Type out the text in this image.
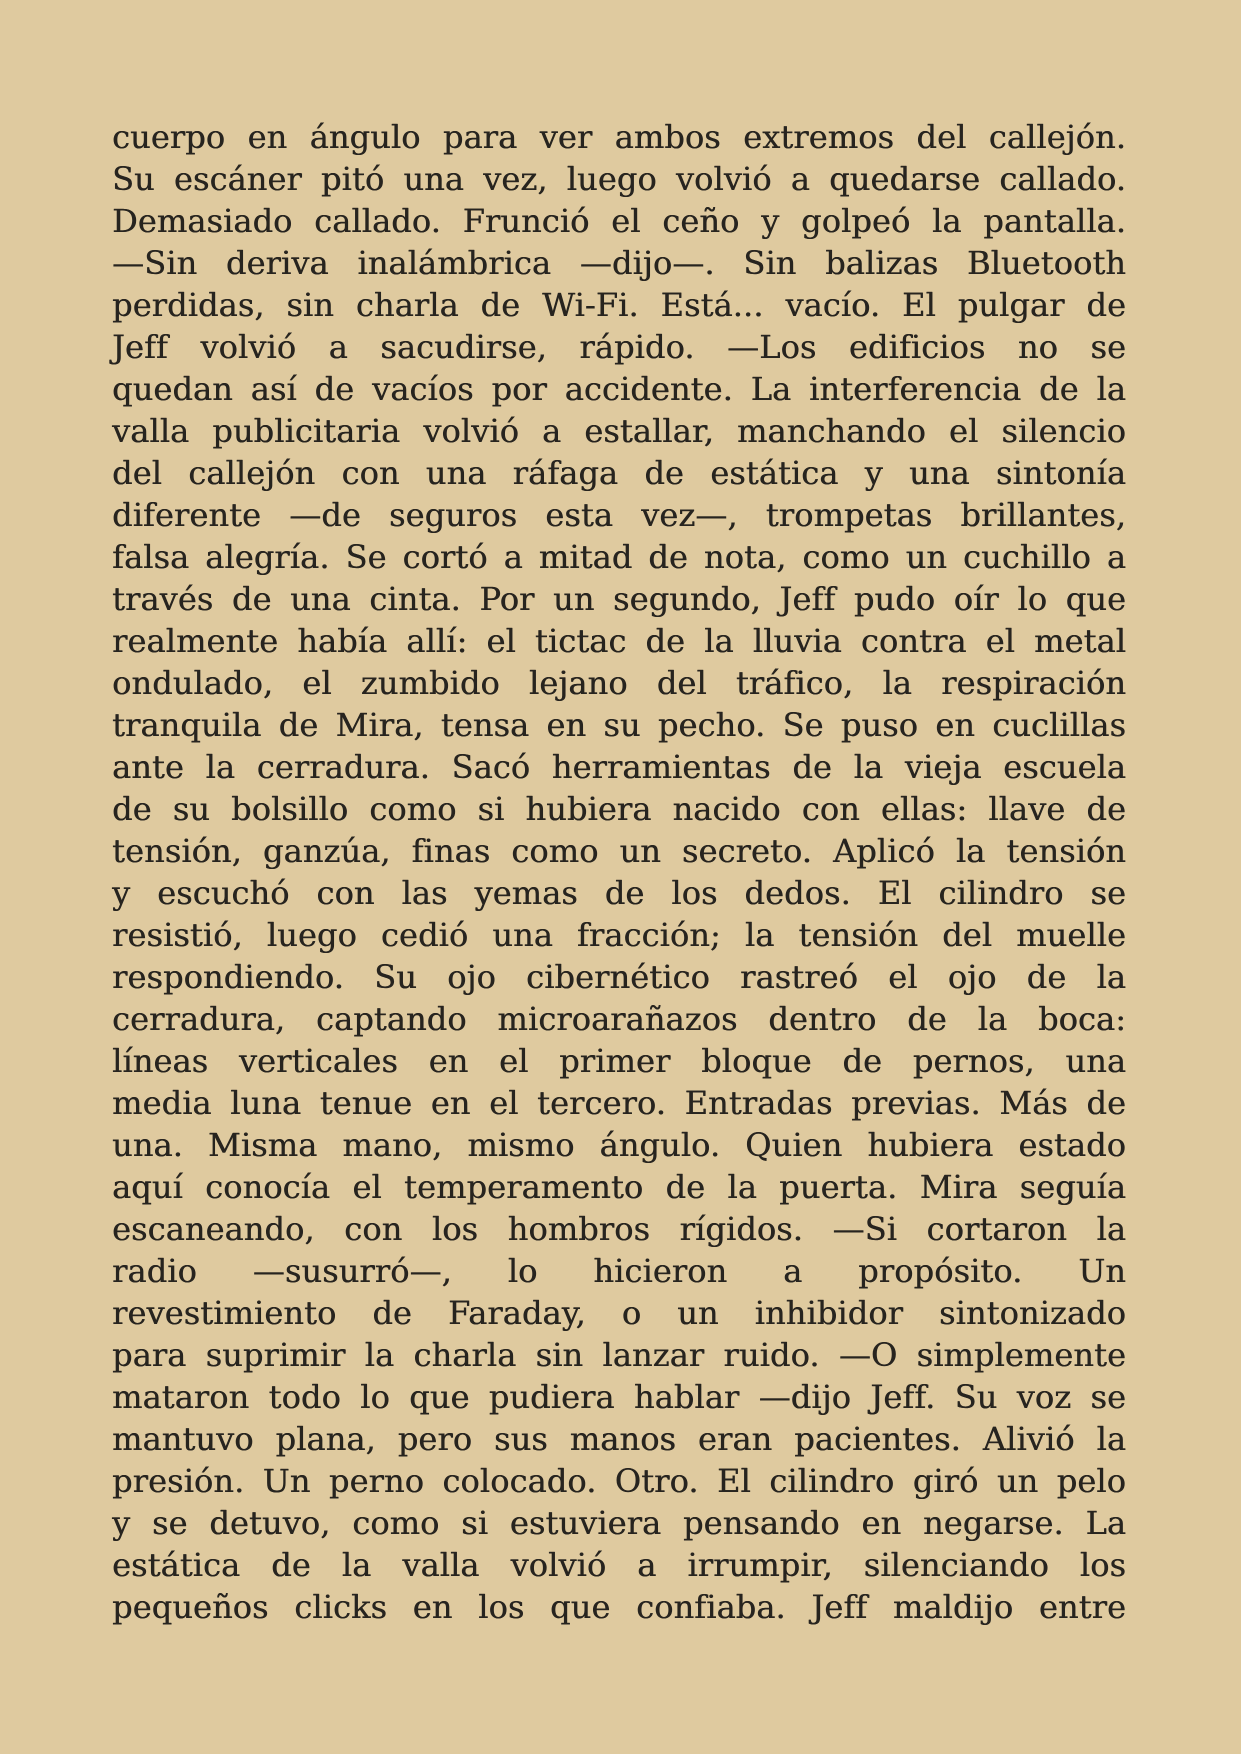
cuerpo en ángulo para ver ambos extremos del callejón.
Su escáner pitó una vez, luego volvió a quedarse callado.
Demasiado callado. Frunció el ceño y golpeó la pantalla.
—Sin deriva inalámbrica —dijo—. Sin balizas Bluetooth
perdidas, sin charla de Wi-Fi. Está... vacío. El pulgar de
Jeff volvió a sacudirse, rápido. —Los edificios no se
quedan así de vacíos por accidente. La interferencia de la
valla publicitaria volvió a estallar, manchando el silencio
del callejón con una ráfaga de estática y una sintonía
diferente —de seguros esta vez—, trompetas brillantes,
falsa alegría. Se cortó a mitad de nota, como un cuchillo a
través de una cinta. Por un segundo, Jeff pudo oír lo que
realmente había allí: el tictac de la lluvia contra el metal
ondulado, el zumbido lejano del tráfico, la respiración
tranquila de Mira, tensa en su pecho. Se puso en cuclillas
ante la cerradura. Sacó herramientas de la vieja escuela
de su bolsillo como si hubiera nacido con ellas: llave de
tensión, ganzúa, finas como un secreto. Aplicó la tensión
y escuchó con las yemas de los dedos. El cilindro se
resistió, luego cedió una fracción; la tensión del muelle
respondiendo. Su ojo cibernético rastreó el ojo de la
cerradura, captando microarañazos dentro de la boca:
líneas verticales en el primer bloque de pernos, una
media luna tenue en el tercero. Entradas previas. Más de
una. Misma mano, mismo ángulo. Quien hubiera estado
aquí conocía el temperamento de la puerta. Mira seguía
escaneando, con los hombros rígidos. —Si cortaron la
radio —susurró—, lo hicieron a propósito. Un
revestimiento de Faraday, o un inhibidor sintonizado
para suprimir la charla sin lanzar ruido. —O simplemente
mataron todo lo que pudiera hablar —dijo Jeff. Su voz se
mantuvo plana, pero sus manos eran pacientes. Alivió la
presión. Un perno colocado. Otro. El cilindro giró un pelo
y se detuvo, como si estuviera pensando en negarse. La
estática de la valla volvió a irrumpir, silenciando los
pequeños clicks en los que confiaba. Jeff maldijo entre
